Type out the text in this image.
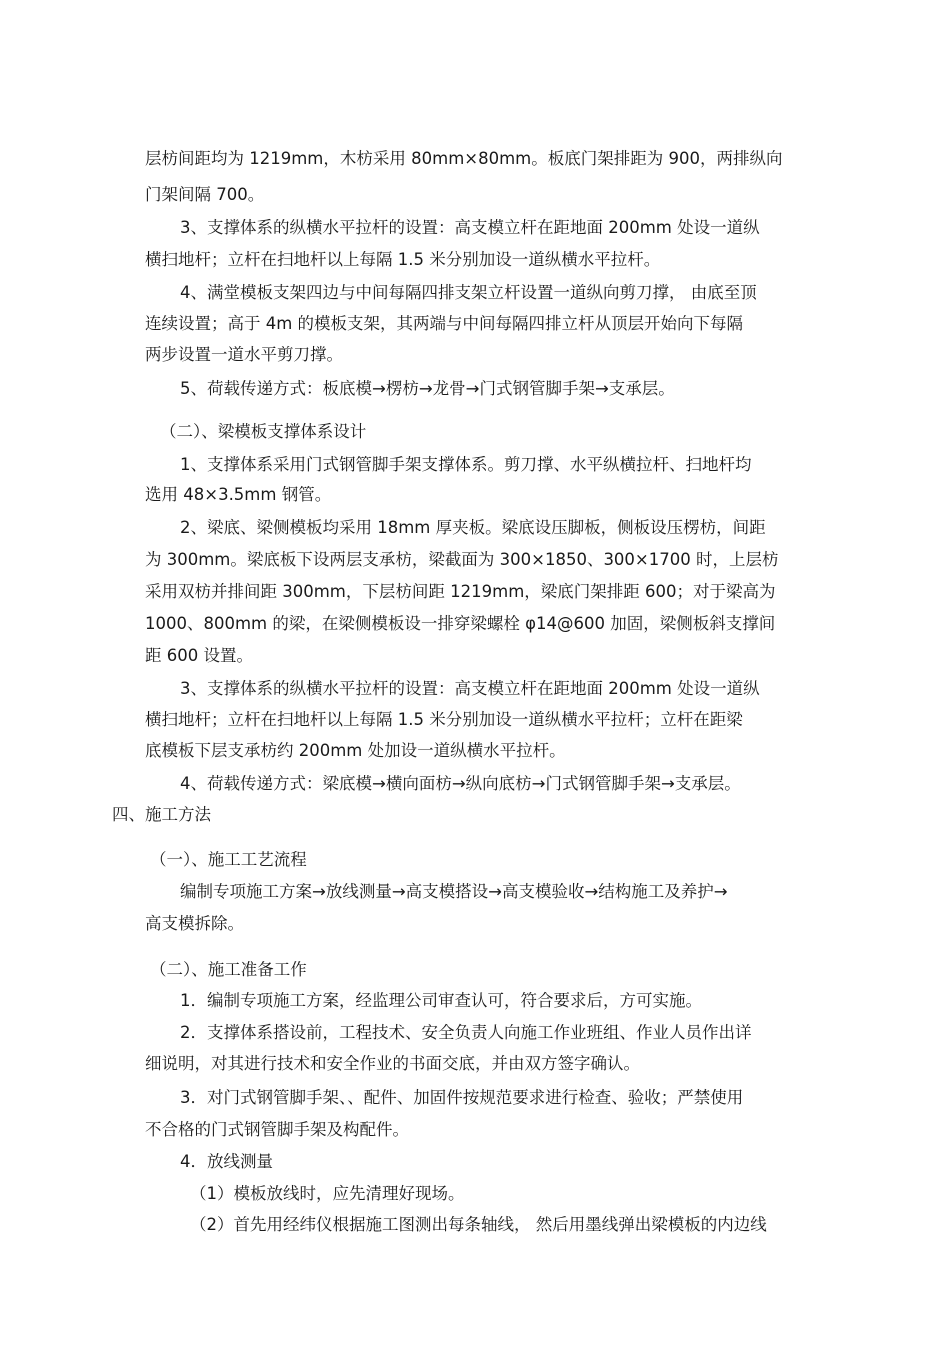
层枋间距均为 1219mm，木枋采用 80mm×80mm。板底门架排距为 900，两排纵向
门架间隔 700。
3、支撑体系的纵横水平拉杆的设置：高支模立杆在距地面 200mm 处设一道纵
横扫地杆；立杆在扫地杆以上每隔 1.5 米分别加设一道纵横水平拉杆。
4、满堂模板支架四边与中间每隔四排支架立杆设置一道纵向剪刀撑， 由底至顶
连续设置；高于 4m 的模板支架，其两端与中间每隔四排立杆从顶层开始向下每隔
两步设置一道水平剪刀撑。
5、荷载传递方式：板底模→楞枋→龙骨→门式钢管脚手架→支承层。
（二）、梁模板支撑体系设计
1、支撑体系采用门式钢管脚手架支撑体系。剪刀撑、水平纵横拉杆、扫地杆均
选用 48×3.5mm 钢管。
2、梁底、梁侧模板均采用 18mm 厚夹板。梁底设压脚板，侧板设压楞枋，间距
为 300mm。梁底板下设两层支承枋，梁截面为 300×1850、300×1700 时，上层枋
采用双枋并排间距 300mm，下层枋间距 1219mm，梁底门架排距 600；对于梁高为
1000、800mm 的梁，在梁侧模板设一排穿梁螺栓 φ14@600 加固，梁侧板斜支撑间
距 600 设置。
3、支撑体系的纵横水平拉杆的设置：高支模立杆在距地面 200mm 处设一道纵
横扫地杆；立杆在扫地杆以上每隔 1.5 米分别加设一道纵横水平拉杆；立杆在距梁
底模板下层支承枋约 200mm 处加设一道纵横水平拉杆。
4、荷载传递方式：梁底模→横向面枋→纵向底枋→门式钢管脚手架→支承层。
四、施工方法
（一）、施工工艺流程
编制专项施工方案→放线测量→高支模搭设→高支模验收→结构施工及养护→
高支模拆除。
（二）、施工准备工作
1．编制专项施工方案，经监理公司审查认可，符合要求后，方可实施。
2．支撑体系搭设前，工程技术、安全负责人向施工作业班组、作业人员作出详
细说明，对其进行技术和安全作业的书面交底，并由双方签字确认。
3．对门式钢管脚手架、、配件、加固件按规范要求进行检查、验收；严禁使用
不合格的门式钢管脚手架及构配件。
4．放线测量
（1）模板放线时，应先清理好现场。
（2）首先用经纬仪根据施工图测出每条轴线， 然后用墨线弹出梁模板的内边线
